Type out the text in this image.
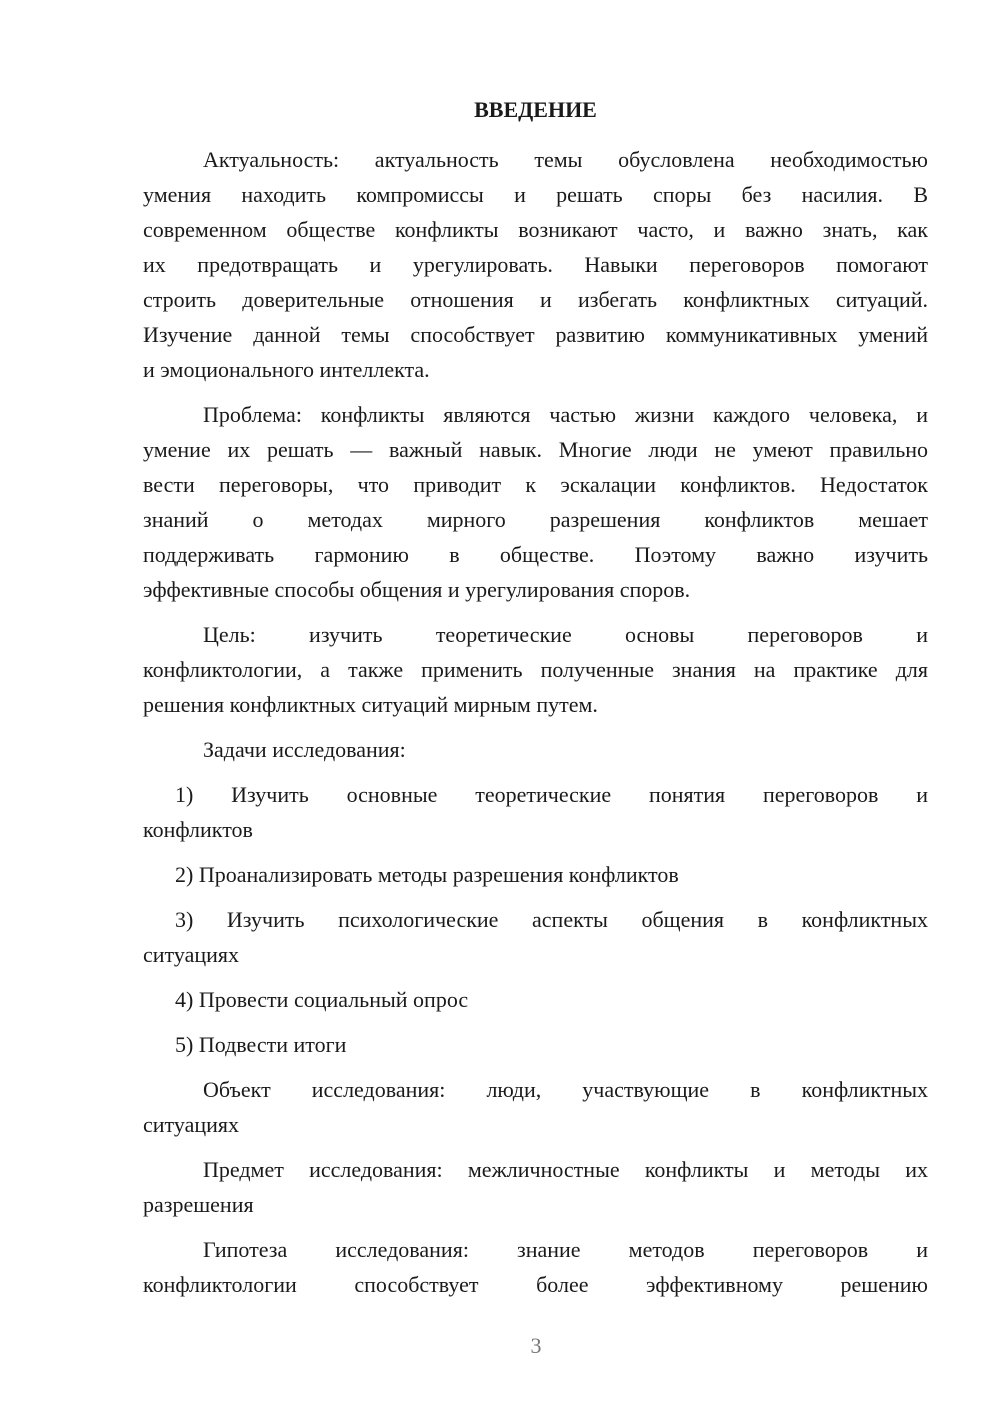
ВВЕДЕНИЕ
Актуальность: актуальность темы обусловлена необходимостью
умения находить компромиссы и решать споры без насилия. В
современном обществе конфликты возникают часто, и важно знать, как
их предотвращать и урегулировать. Навыки переговоров помогают
строить доверительные отношения и избегать конфликтных ситуаций.
Изучение данной темы способствует развитию коммуникативных умений
и эмоционального интеллекта.
Проблема: конфликты являются частью жизни каждого человека, и
умение их решать — важный навык. Многие люди не умеют правильно
вести переговоры, что приводит к эскалации конфликтов. Недостаток
знаний о методах мирного разрешения конфликтов мешает
поддерживать гармонию в обществе. Поэтому важно изучить
эффективные способы общения и урегулирования споров.
Цель: изучить теоретические основы переговоров и
конфликтологии, а также применить полученные знания на практике для
решения конфликтных ситуаций мирным путем.
Задачи исследования:
1) Изучить основные теоретические понятия переговоров и
конфликтов
2) Проанализировать методы разрешения конфликтов
3) Изучить психологические аспекты общения в конфликтных
ситуациях
4) Провести социальный опрос
5) Подвести итоги
Объект исследования: люди, участвующие в конфликтных
ситуациях
Предмет исследования: межличностные конфликты и методы их
разрешения
Гипотеза исследования: знание методов переговоров и
конфликтологии способствует более эффективному решению
3
